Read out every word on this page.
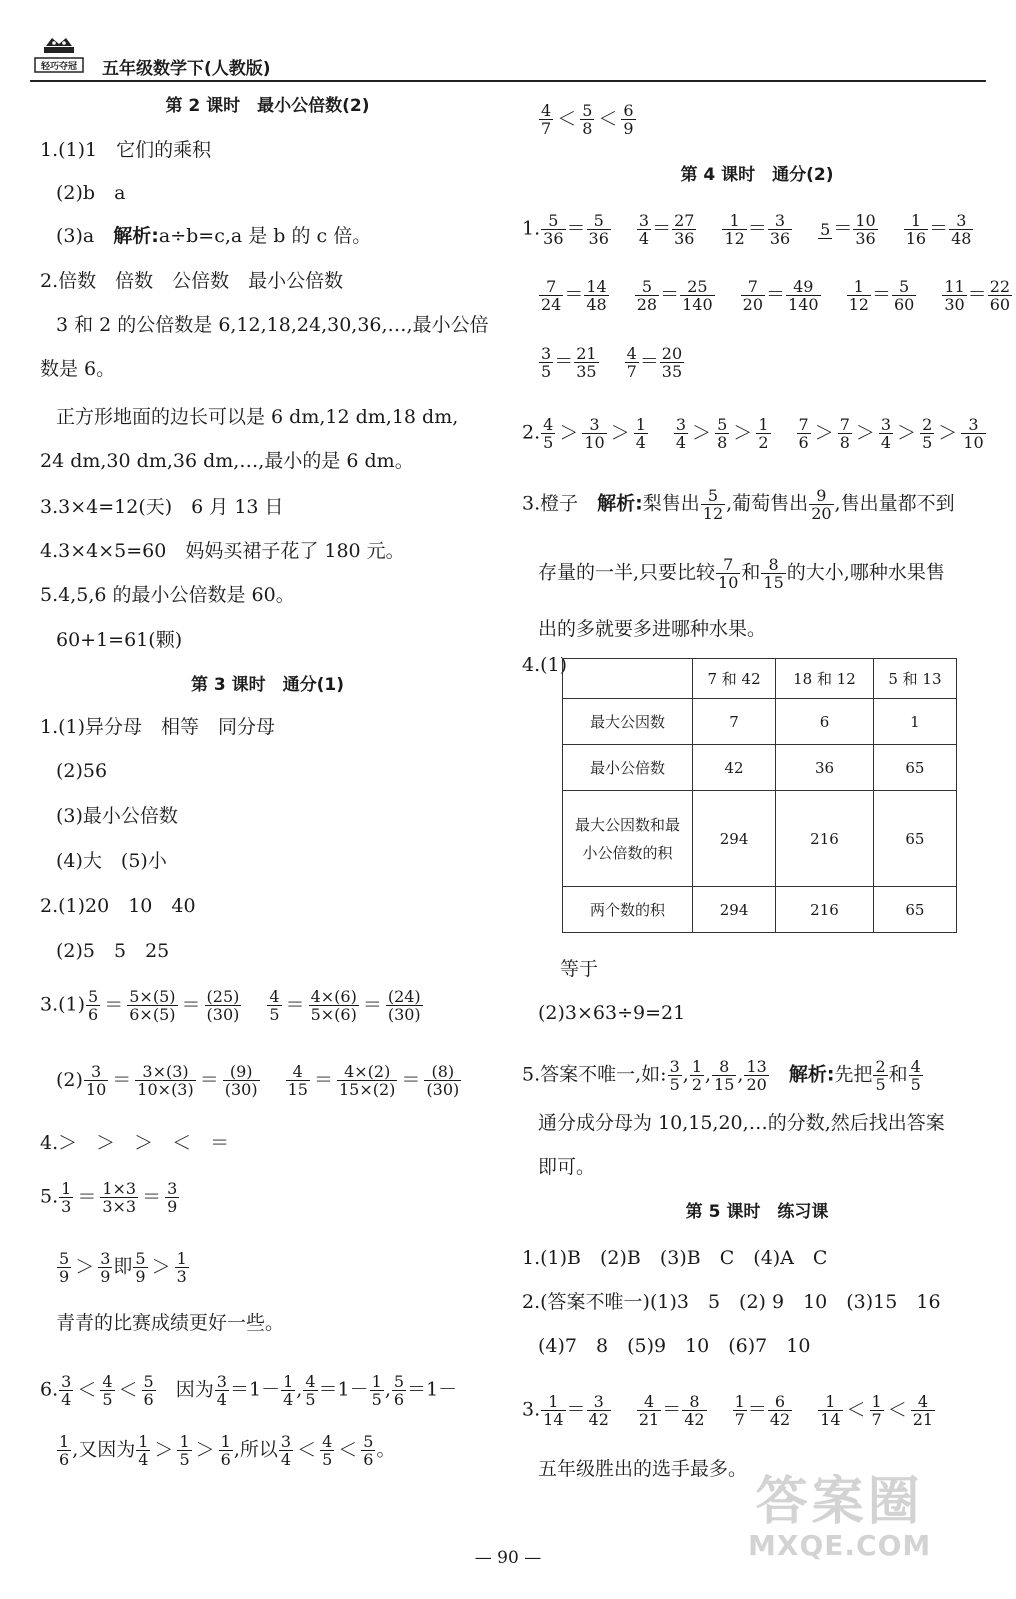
轻巧夺冠 五年级数学下(人教版)
第 2 课时　最小公倍数(2)
1.(1)1　它们的乘积
(2)b　a
(3)a　 解析:a÷b=c,a 是 b 的 c 倍。
2.倍数　倍数　公倍数　最小公倍数
3 和 2 的公倍数是 6,12,18,24,30,36,…,最小公倍
数是 6。
正方形地面的边长可以是 6 dm,12 dm,18 dm,
24 dm,30 dm,36 dm,…,最小的是 6 dm。
3.3×4=12(天)　6 月 13 日
4.3×4×5=60　妈妈买裙子花了 180 元。
5.4,5,6 的最小公倍数是 60。
60+1=61(颗)
第 3 课时　通分(1)
1.(1)异分母　相等　同分母
(2)56
(3)最小公倍数
(4)大　(5)小
2.(1)20　10　40
(2)5　5　25
$3.(1) \frac{5}{6} = \frac{5\times(5)}{6\times(5)} = \frac{(25)}{(30)} \frac{4}{5} = \frac{4\times(6)}{5\times(6)} = \frac{(24)}{(30)}$
$(2) \frac{3}{10} = \frac{3\times(3)}{10\times(3)} = \frac{(9)}{(30)} \frac{4}{15} = \frac{4\times(2)}{15\times(2)} = \frac{(8)}{(30)}$
4.＞　＞　＞　＜　＝
5. $\frac{1}{3} = \frac{1\times 3}{3\times 3} = \frac{3}{9}$
$\frac{5}{9} > \frac{3}{9}$ 即 $\frac{5}{9} > \frac{1}{3}$
青青的比赛成绩更好一些。
6. $\frac{3}{4} < \frac{4}{5} < \frac{5}{6}$
　 因为 $\frac{3}{4} =1- \frac{1}{4}$ , $\frac{4}{5} =1- \frac{1}{5}$ , $\frac{5}{6} =1-$
$\frac{1}{6}$ ,又因为 $\frac{1}{4} > \frac{1}{5} > \frac{1}{6}$ ,所以 $\frac{3}{4} < \frac{4}{5} < \frac{5}{6}$ 。
$\frac{4}{7} < \frac{5}{8} < \frac{6}{9}$
第 4 课时　通分(2)
1. $\frac{5}{36} = \frac{5}{36} \frac{3}{4} = \frac{27}{36} \frac{1}{12} = \frac{3}{36} 5 = \frac{10}{36} \frac{1}{16} = \frac{3}{48}$
$\frac{7}{24} = \frac{14}{48} \frac{5}{28} = \frac{25}{140} \frac{7}{20} = \frac{49}{140} \frac{1}{12} = \frac{5}{60} \frac{11}{30} = \frac{22}{60}$
$\frac{3}{5} = \frac{21}{35} \frac{4}{7} = \frac{20}{35}$
2. $\frac{4}{5} > \frac{3}{10} > \frac{1}{4} \frac{3}{4} > \frac{5}{8} > \frac{1}{2} \frac{7}{6} > \frac{7}{8} > \frac{3}{4} > \frac{2}{5} > \frac{3}{10}$
3.橙子　 解析:梨售出 $\frac{5}{12}$ ,葡萄售出 $\frac{9}{20}$ ,售出量都不到
存量的一半,只要比较 $\frac{7}{10}$ 和 $\frac{8}{15}$ 的大小,哪种水果售
出的多就要多进哪种水果。
4.(1)
	7 和 42	18 和 12	5 和 13
最大公因数	7	6	1
最小公倍数	42	36	65

最大公因数和最
小公倍数的积	294	216	65
两个数的积	294	216	65
等于
(2)3×63÷9=21
5.答案不唯一,如: $\frac{3}{5}$ , $\frac{1}{2}$ , $\frac{8}{15}$ , $\frac{13}{20}$
　 解析:先把 $\frac{2}{5}$ 和 $\frac{4}{5}$
通分成分母为 10,15,20,…的分数,然后找出答案
即可。
第 5 课时　练习课
1.(1)B　(2)B　(3)B　C　(4)A　C
2.(答案不唯一)(1)3　5　(2) 9　10　(3)15　16
(4)7　8　(5)9　10　(6)7　10
3. $\frac{1}{14} = \frac{3}{42} \frac{4}{21} = \frac{8}{42} \frac{1}{7} = \frac{6}{42} \frac{1}{14} < \frac{1}{7} < \frac{4}{21}$
五年级胜出的选手最多。
— 90 —
答案圈
MXQE.COM
